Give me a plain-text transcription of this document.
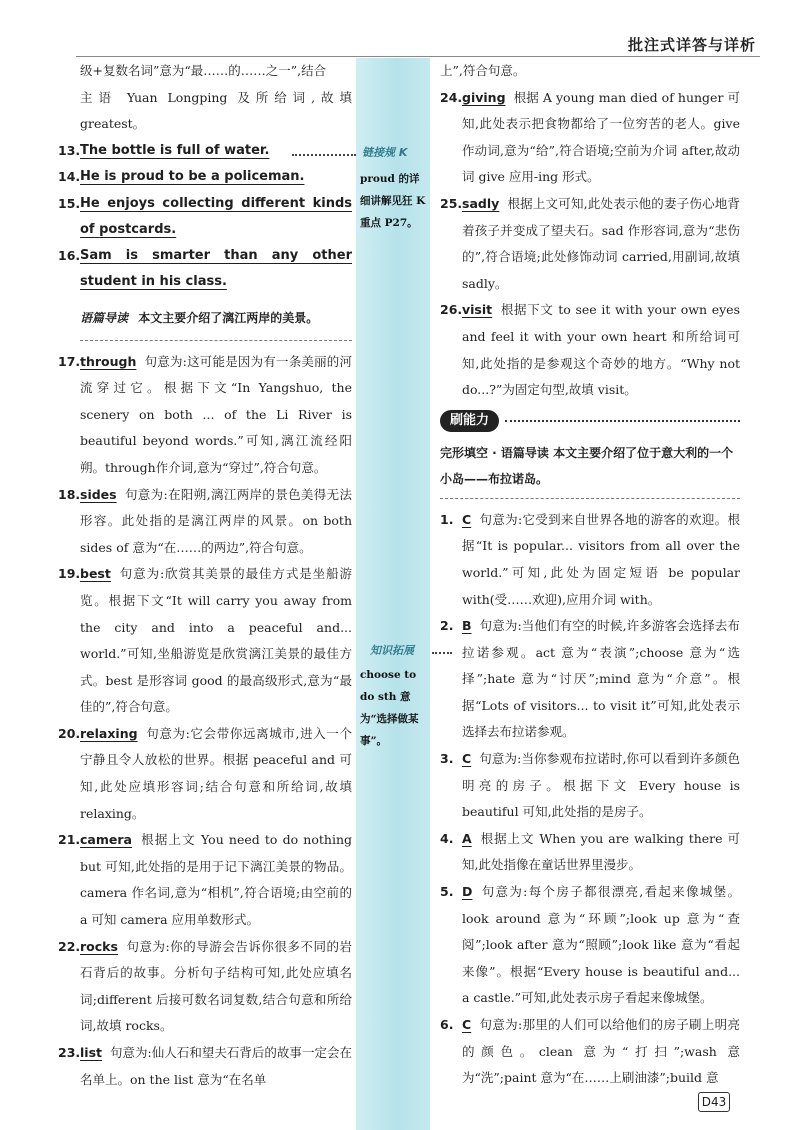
批注式详答与详析
链接规 K
proud 的详细讲解见狂 K 重点 P27。
知识拓展
choose to do sth 意为“选择做某事”。

级+复数名词”意为“最……的……之一”,结合

主语 Yuan Longping 及所给词,故填 greatest。

13. The bottle is full of water.
14. He is proud to be a policeman.
15. He enjoys collecting different kinds of postcards.
16. Sam is smarter than any other student in his class.
语篇导读 本文主要介绍了漓江两岸的美景。
17. through 句意为:这可能是因为有一条美丽的河流穿过它。根据下文“In Yangshuo, the scenery on both ... of the Li River is beautiful beyond words.”可知,漓江流经阳朔。through作介词,意为“穿过”,符合句意。
18. sides 句意为:在阳朔,漓江两岸的景色美得无法形容。此处指的是漓江两岸的风景。on both sides of 意为“在……的两边”,符合句意。
19. best 句意为:欣赏其美景的最佳方式是坐船游览。根据下文“It will carry you away from the city and into a peaceful and... world.”可知,坐船游览是欣赏漓江美景的最佳方式。best 是形容词 good 的最高级形式,意为“最佳的”,符合句意。
20. relaxing 句意为:它会带你远离城市,进入一个宁静且令人放松的世界。根据 peaceful and 可知,此处应填形容词;结合句意和所给词,故填 relaxing。
21. camera 根据上文 You need to do nothing but 可知,此处指的是用于记下漓江美景的物品。camera 作名词,意为“相机”,符合语境;由空前的 a 可知 camera 应用单数形式。
22. rocks 句意为:你的导游会告诉你很多不同的岩石背后的故事。分析句子结构可知,此处应填名词;different 后接可数名词复数,结合句意和所给词,故填 rocks。
23. list 句意为:仙人石和望夫石背后的故事一定会在名单上。on the list 意为“在名单

上”,符合句意。

24. giving 根据 A young man died of hunger 可知,此处表示把食物都给了一位穷苦的老人。give 作动词,意为“给”,符合语境;空前为介词 after,故动词 give 应用-ing 形式。
25. sadly 根据上文可知,此处表示他的妻子伤心地背着孩子并变成了望夫石。sad 作形容词,意为“悲伤的”,符合语境;此处修饰动词 carried,用副词,故填 sadly。
26. visit 根据下文 to see it with your own eyes and feel it with your own heart 和所给词可知,此处指的是参观这个奇妙的地方。“Why not do...?”为固定句型,故填 visit。
刷能力
完形填空 · 语篇导读 本文主要介绍了位于意大利的一个小岛——布拉诺岛。
1. C 句意为:它受到来自世界各地的游客的欢迎。根据“It is popular... visitors from all over the world.”可知,此处为固定短语 be popular with(受……欢迎),应用介词 with。
2. B 句意为:当他们有空的时候,许多游客会选择去布拉诺参观。act 意为“表演”;choose 意为“选择”;hate 意为“讨厌”;mind 意为“介意”。根据“Lots of visitors... to visit it”可知,此处表示选择去布拉诺参观。
3. C 句意为:当你参观布拉诺时,你可以看到许多颜色明亮的房子。根据下文 Every house is beautiful 可知,此处指的是房子。
4. A 根据上文 When you are walking there 可知,此处指像在童话世界里漫步。
5. D 句意为:每个房子都很漂亮,看起来像城堡。look around 意为“环顾”;look up 意为“查阅”;look after 意为“照顾”;look like 意为“看起来像”。根据“Every house is beautiful and... a castle.”可知,此处表示房子看起来像城堡。
6. C 句意为:那里的人们可以给他们的房子刷上明亮的颜色。clean 意为“打扫”;wash 意为“洗”;paint 意为“在……上刷油漆”;build 意
D43
